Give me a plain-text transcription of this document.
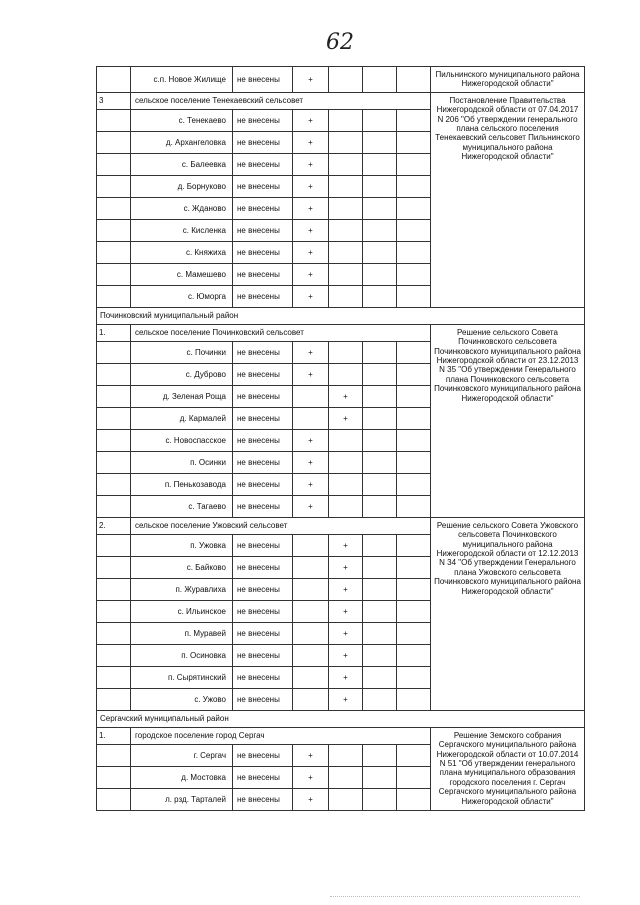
62
	с.п. Новое Жилище	не внесены	+				Пильнинского муниципального района Нижегородской области"
3	сельское поселение Тенекаевский сельсовет						Постановление Правительства Нижегородской области от 07.04.2017 N 206 "Об утверждении генерального плана сельского поселения Тенекаевский сельсовет Пильнинского муниципального района Нижегородской области"
	с. Тенекаево	не внесены	+				
	д. Архангеловка	не внесены	+				
	с. Балеевка	не внесены	+				
	д. Борнуково	не внесены	+				
	с. Жданово	не внесены	+				
	с. Кисленка	не внесены	+				
	с. Княжиха	не внесены	+				
	с. Мамешево	не внесены	+				
	с. Юморга	не внесены	+				
Починковский муниципальный район							
1.	сельское поселение Починковский сельсовет						Решение сельского Совета Починковского сельсовета Починковского муниципального района Нижегородской области от 23.12.2013 N 35 "Об утверждении Генерального плана Починковского сельсовета Починковского муниципального района Нижегородской области"
	с. Починки	не внесены	+				
	с. Дуброво	не внесены	+				
	д. Зеленая Роща	не внесены		+			
	д. Кармалей	не внесены		+			
	с. Новоспасское	не внесены	+				
	п. Осинки	не внесены	+				
	п. Пенькозавода	не внесены	+				
	с. Тагаево	не внесены	+				
2.	сельское поселение Ужовский сельсовет						Решение сельского Совета Ужовского сельсовета Починковского муниципального района Нижегородской области от 12.12.2013 N 34 "Об утверждении Генерального плана Ужовского сельсовета Починковского муниципального района Нижегородской области"
	п. Ужовка	не внесены		+			
	с. Байково	не внесены		+			
	п. Журавлиха	не внесены		+			
	с. Ильинское	не внесены		+			
	п. Муравей	не внесены		+			
	п. Осиновка	не внесены		+			
	п. Сырятинский	не внесены		+			
	с. Ужово	не внесены		+			
Сергачский муниципальный район							
1.	городское поселение город Сергач						Решение Земского собрания Сергачского муниципального района Нижегородской области от 10.07.2014 N 51 "Об утверждении генерального плана муниципального образования городского поселения г. Сергач Сергачского муниципального района Нижегородской области"
	г. Сергач	не внесены	+				
	д. Мостовка	не внесены	+				
	л. рзд. Тарталей	не внесены	+				
